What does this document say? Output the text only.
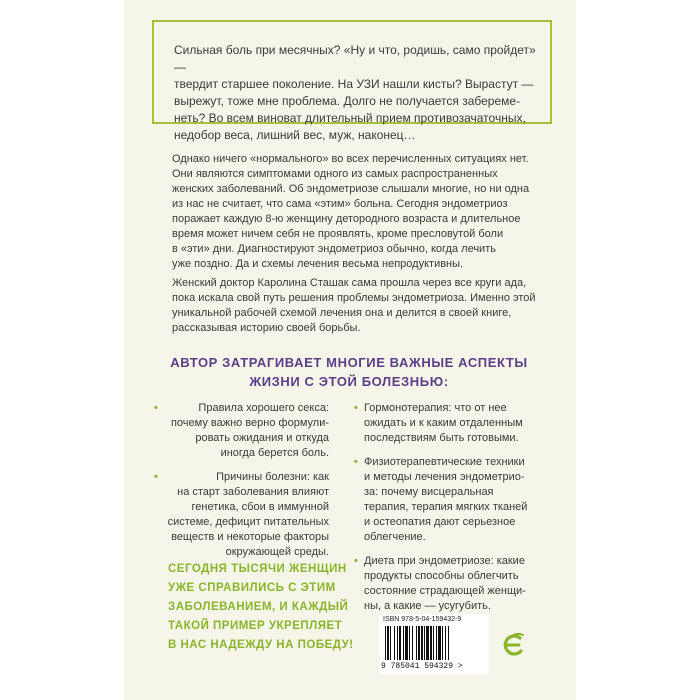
Сильная боль при месячных? «Ну и что, родишь, само пройдет» —
твердит старшее поколение. На УЗИ нашли кисты? Вырастут —
вырежут, тоже мне проблема. Долго не получается забереме-
неть? Во всем виноват длительный прием противозачаточных,
недобор веса, лишний вес, муж, наконец…

Однако ничего «нормального» во всех перечисленных ситуациях нет.
Они являются симптомами одного из самых распространенных
женских заболеваний. Об эндометриозе слышали многие, но ни одна
из нас не считает, что сама «этим» больна. Сегодня эндометриоз
поражает каждую 8-ю женщину детородного возраста и длительное
время может ничем себя не проявлять, кроме пресловутой боли
в «эти» дни. Диагностируют эндометриоз обычно, когда лечить
уже поздно. Да и схемы лечения весьма непродуктивны.

Женский доктор Каролина Сташак сама прошла через все круги ада,
пока искала свой путь решения проблемы эндометриоза. Именно этой
уникальной рабочей схемой лечения она и делится в своей книге,
рассказывая историю своей борьбы.

АВТОР ЗАТРАГИВАЕТ МНОГИЕ ВАЖНЫЕ АСПЕКТЫ
ЖИЗНИ С ЭТОЙ БОЛЕЗНЬЮ:

•	Правила хорошего секса:
почему важно верно формули-
ровать ожидания и откуда
иногда берется боль.
•	Причины болезни: как
на старт заболевания влияют
генетика, сбои в иммунной
системе, дефицит питательных
веществ и некоторые факторы
окружающей среды.
• Гормонотерапия: что от нее
ожидать и к каким отдаленным
последствиям быть готовыми.
• Физиотерапевтические техники
и методы лечения эндометрио-
за: почему висцеральная
терапия, терапия мягких тканей
и остеопатия дают серьезное
облегчение.
• Диета при эндометриозе: какие
продукты способны облегчить
состояние страдающей женщи-
ны, а какие — усугубить.

СЕГОДНЯ ТЫСЯЧИ ЖЕНЩИН
УЖЕ СПРАВИЛИСЬ С ЭТИМ
ЗАБОЛЕВАНИЕМ, И КАЖДЫЙ
ТАКОЙ ПРИМЕР УКРЕПЛЯЕТ
В НАС НАДЕЖДУ НА ПОБЕДУ!

ISBN 978-5-04-159432-9
9 785041 594329 >
